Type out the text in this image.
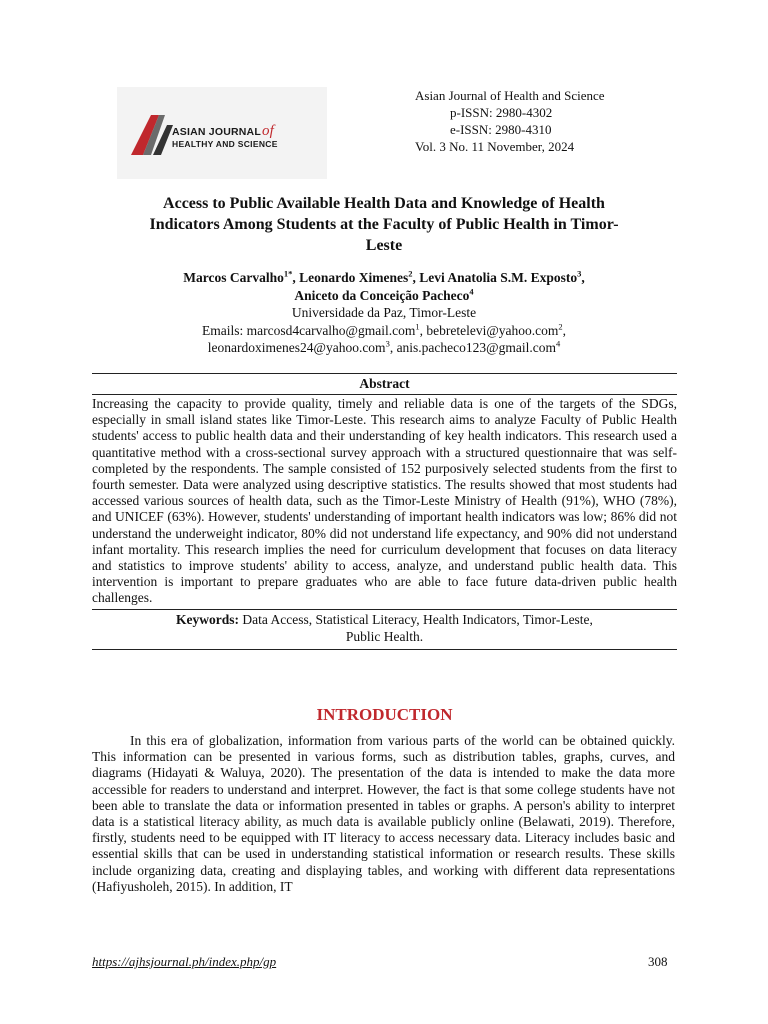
ASIAN JOURNALof
HEALTHY AND SCIENCE
Asian Journal of Health and Science
p-ISSN: 2980-4302
e-ISSN: 2980-4310
Vol. 3 No. 11 November, 2024
Access to Public Available Health Data and Knowledge of Health
Indicators Among Students at the Faculty of Public Health in Timor-
Leste
Marcos Carvalho$^{1*}$, Leonardo Ximenes$^2$, Levi Anatolia S.M. Exposto$^3$,
Aniceto da Conceição Pacheco$^4$
Universidade da Paz, Timor-Leste
Emails: marcosd4carvalho@gmail.com$^1$, bebretelevi@yahoo.com$^2$,
leonardoximenes24@yahoo.com$^3$, anis.pacheco123@gmail.com$^4$
Abstract
Increasing the capacity to provide quality, timely and reliable data is one of the targets of the SDGs, especially in small island states like Timor-Leste. This research aims to analyze Faculty of Public Health students' access to public health data and their understanding of key health indicators. This research used a quantitative method with a cross-sectional survey approach with a structured questionnaire that was self-completed by the respondents. The sample consisted of 152 purposively selected students from the first to fourth semester. Data were analyzed using descriptive statistics. The results showed that most students had accessed various sources of health data, such as the Timor-Leste Ministry of Health (91%), WHO (78%), and UNICEF (63%). However, students' understanding of important health indicators was low; 86% did not understand the underweight indicator, 80% did not understand life expectancy, and 90% did not understand infant mortality. This research implies the need for curriculum development that focuses on data literacy and statistics to improve students' ability to access, analyze, and understand public health data. This intervention is important to prepare graduates who are able to face future data-driven public health challenges.
Keywords: Data Access, Statistical Literacy, Health Indicators, Timor-Leste,
Public Health.
INTRODUCTION

In this era of globalization, information from various parts of the world can be obtained quickly. This information can be presented in various forms, such as distribution tables, graphs, curves, and diagrams (Hidayati & Waluya, 2020). The presentation of the data is intended to make the data more accessible for readers to understand and interpret. However, the fact is that some college students have not been able to translate the data or information presented in tables or graphs. A person's ability to interpret data is a statistical literacy ability, as much data is available publicly online (Belawati, 2019). Therefore, firstly, students need to be equipped with IT literacy to access necessary data. Literacy includes basic and essential skills that can be used in understanding statistical information or research results. These skills include organizing data, creating and displaying tables, and working with different data representations (Hafiyusholeh, 2015). In addition, IT

https://ajhsjournal.ph/index.php/gp	308
